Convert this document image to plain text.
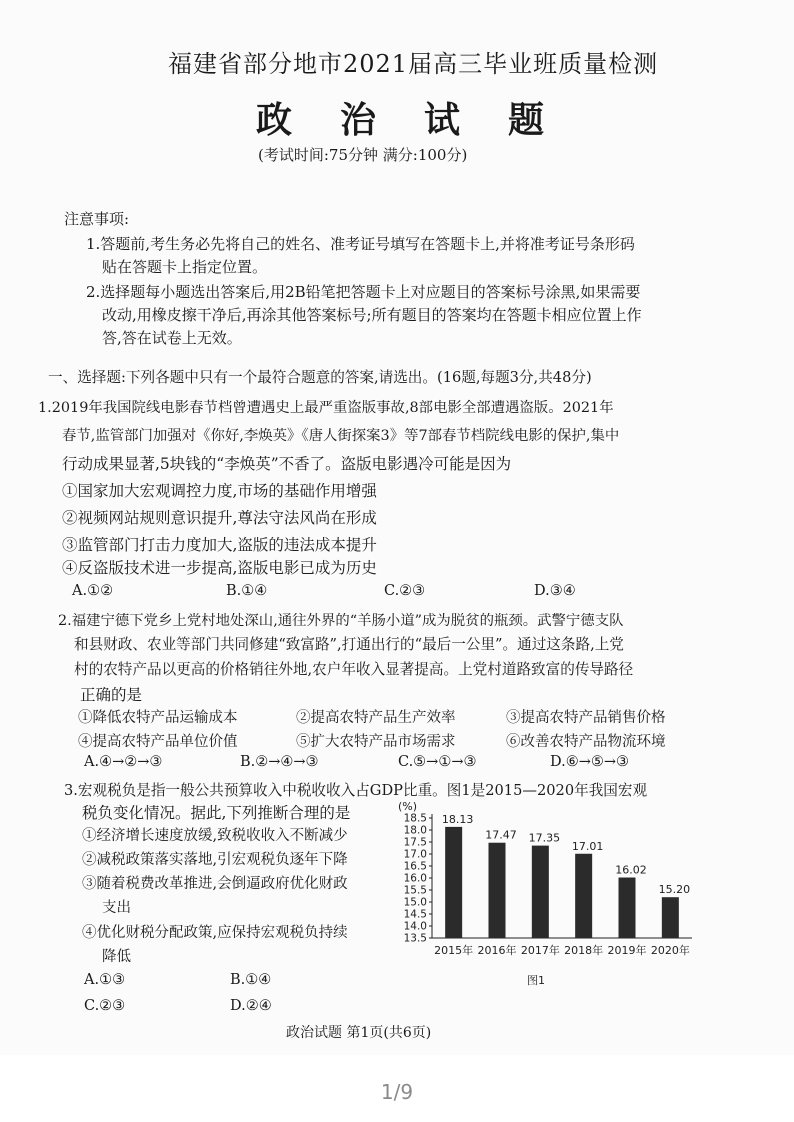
福建省部分地市2021届高三毕业班质量检测
政治试题
(考试时间:75分钟 满分:100分)
注意事项:
1.答题前,考生务必先将自己的姓名、准考证号填写在答题卡上,并将准考证号条形码
贴在答题卡上指定位置。
2.选择题每小题选出答案后,用2B铅笔把答题卡上对应题目的答案标号涂黑,如果需要
改动,用橡皮擦干净后,再涂其他答案标号;所有题目的答案均在答题卡相应位置上作
答,答在试卷上无效。
一、选择题:下列各题中只有一个最符合题意的答案,请选出。(16题,每题3分,共48分)
1.2019年我国院线电影春节档曾遭遇史上最严重盗版事故,8部电影全部遭遇盗版。2021年
春节,监管部门加强对《你好,李焕英》《唐人街探案3》等7部春节档院线电影的保护,集中
行动成果显著,5块钱的“李焕英”不香了。盗版电影遇冷可能是因为
①国家加大宏观调控力度,市场的基础作用增强
②视频网站规则意识提升,尊法守法风尚在形成
③监管部门打击力度加大,盗版的违法成本提升
④反盗版技术进一步提高,盗版电影已成为历史
A.①②	B.①④	C.②③	D.③④
2.福建宁德下党乡上党村地处深山,通往外界的“羊肠小道”成为脱贫的瓶颈。武警宁德支队
和县财政、农业等部门共同修建“致富路”,打通出行的“最后一公里”。通过这条路,上党
村的农特产品以更高的价格销往外地,农户年收入显著提高。上党村道路致富的传导路径
正确的是
①降低农特产品运输成本	②提高农特产品生产效率	③提高农特产品销售价格
④提高农特产品单位价值	⑤扩大农特产品市场需求	⑥改善农特产品物流环境
A.④→②→③	B.②→④→③	C.⑤→①→③	D.⑥→⑤→③
3.宏观税负是指一般公共预算收入中税收收入占GDP比重。图1是2015—2020年我国宏观
税负变化情况。据此,下列推断合理的是
①经济增长速度放缓,致税收收入不断减少
②减税政策落实落地,引宏观税负逐年下降
③随着税费改革推进,会倒逼政府优化财政
支出
④优化财税分配政策,应保持宏观税负持续
降低
A.①③	B.①④
C.②③	D.②④
(%)
13.5
14.0
14.5
15.0
15.5
16.0
16.5
17.0
17.5
18.0
18.5 18.13
2015年
17.47
2016年
17.35
2017年
17.01
2018年
16.02
2019年
15.20
2020年
图1
政治试题 第1页(共6页)
1/9
